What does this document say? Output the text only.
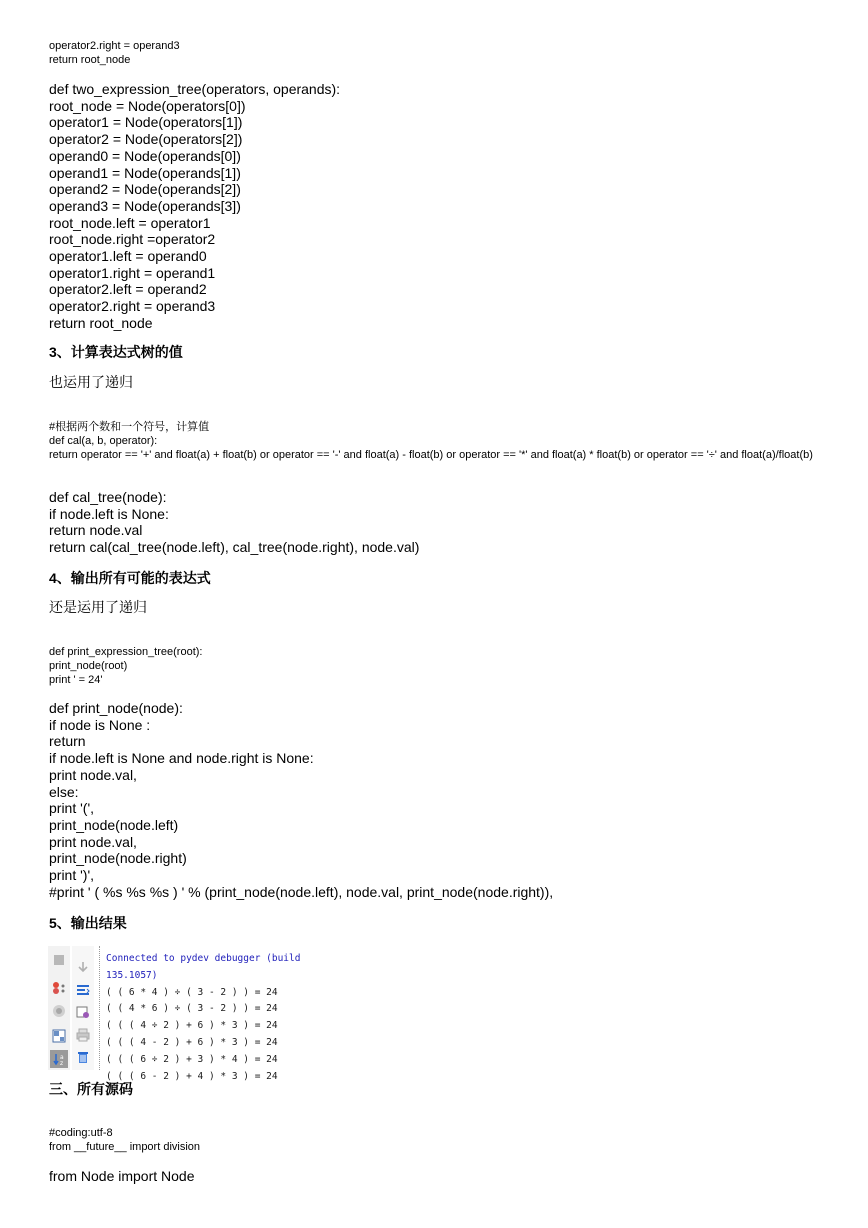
operator2.right = operand3
return root_node
def two_expression_tree(operators, operands):
root_node = Node(operators[0])
operator1 = Node(operators[1])
operator2 = Node(operators[2])
operand0 = Node(operands[0])
operand1 = Node(operands[1])
operand2 = Node(operands[2])
operand3 = Node(operands[3])
root_node.left = operator1
root_node.right =operator2
operator1.left = operand0
operator1.right = operand1
operator2.left = operand2
operator2.right = operand3
return root_node
3、计算表达式树的值
也运用了递归
#根据两个数和一个符号，计算值
def cal(a, b, operator):
return operator == '+' and float(a) + float(b) or operator == '-' and float(a) - float(b) or operator == '*' and float(a) * float(b) or operator == '÷' and float(a)/float(b)
def cal_tree(node):
if node.left is None:
return node.val
return cal(cal_tree(node.left), cal_tree(node.right), node.val)
4、输出所有可能的表达式
还是运用了递归
def print_expression_tree(root):
print_node(root)
print ' = 24'
def print_node(node):
if node is None :
return
if node.left is None and node.right is None:
print node.val,
else:
print '(',
print_node(node.left)
print node.val,
print_node(node.right)
print ')',
#print ' ( %s %s %s ) ' % (print_node(node.left), node.val, print_node(node.right)),
5、输出结果
a
z
Connected to pydev debugger (build 135.1057)
( ( 6 * 4 ) ÷ ( 3 - 2 ) ) = 24
( ( 4 * 6 ) ÷ ( 3 - 2 ) ) = 24
( ( ( 4 ÷ 2 ) + 6 ) * 3 ) = 24
( ( ( 4 - 2 ) + 6 ) * 3 ) = 24
( ( ( 6 ÷ 2 ) + 3 ) * 4 ) = 24
( ( ( 6 - 2 ) + 4 ) * 3 ) = 24
三、所有源码
#coding:utf-8
from __future__ import division
from Node import Node
